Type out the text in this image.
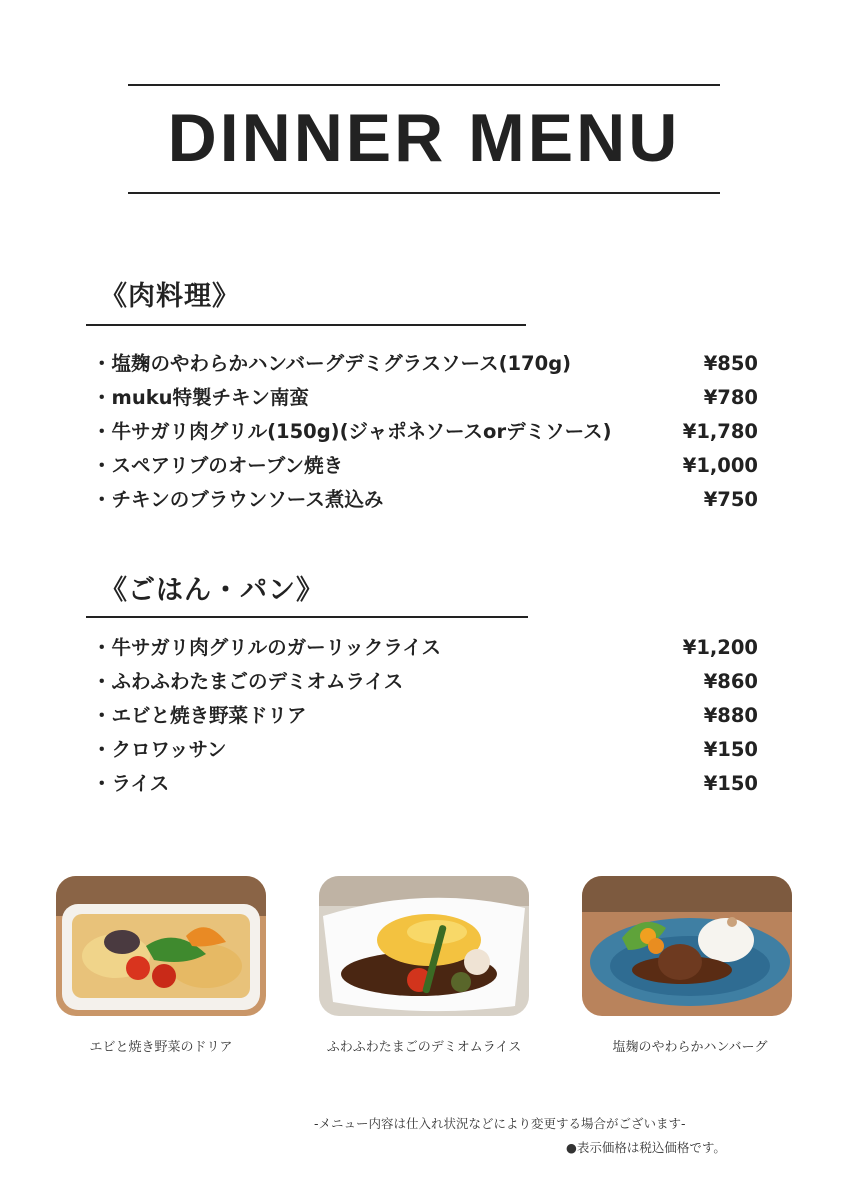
DINNER MENU
《肉料理》
・塩麹のやわらかハンバーグデミグラスソース(170g)	¥850
・muku特製チキン南蛮	¥780
・牛サガリ肉グリル(150g)(ジャポネソースorデミソース)	¥1,780
・スペアリブのオーブン焼き	¥1,000
・チキンのブラウンソース煮込み	¥750
《ごはん・パン》
・牛サガリ肉グリルのガーリックライス	¥1,200
・ふわふわたまごのデミオムライス	¥860
・エビと焼き野菜ドリア	¥880
・クロワッサン	¥150
・ライス	¥150
エビと焼き野菜のドリア	ふわふわたまごのデミオムライス	塩麹のやわらかハンバーグ
-メニュー内容は仕入れ状況などにより変更する場合がございます-
●表示価格は税込価格です。
